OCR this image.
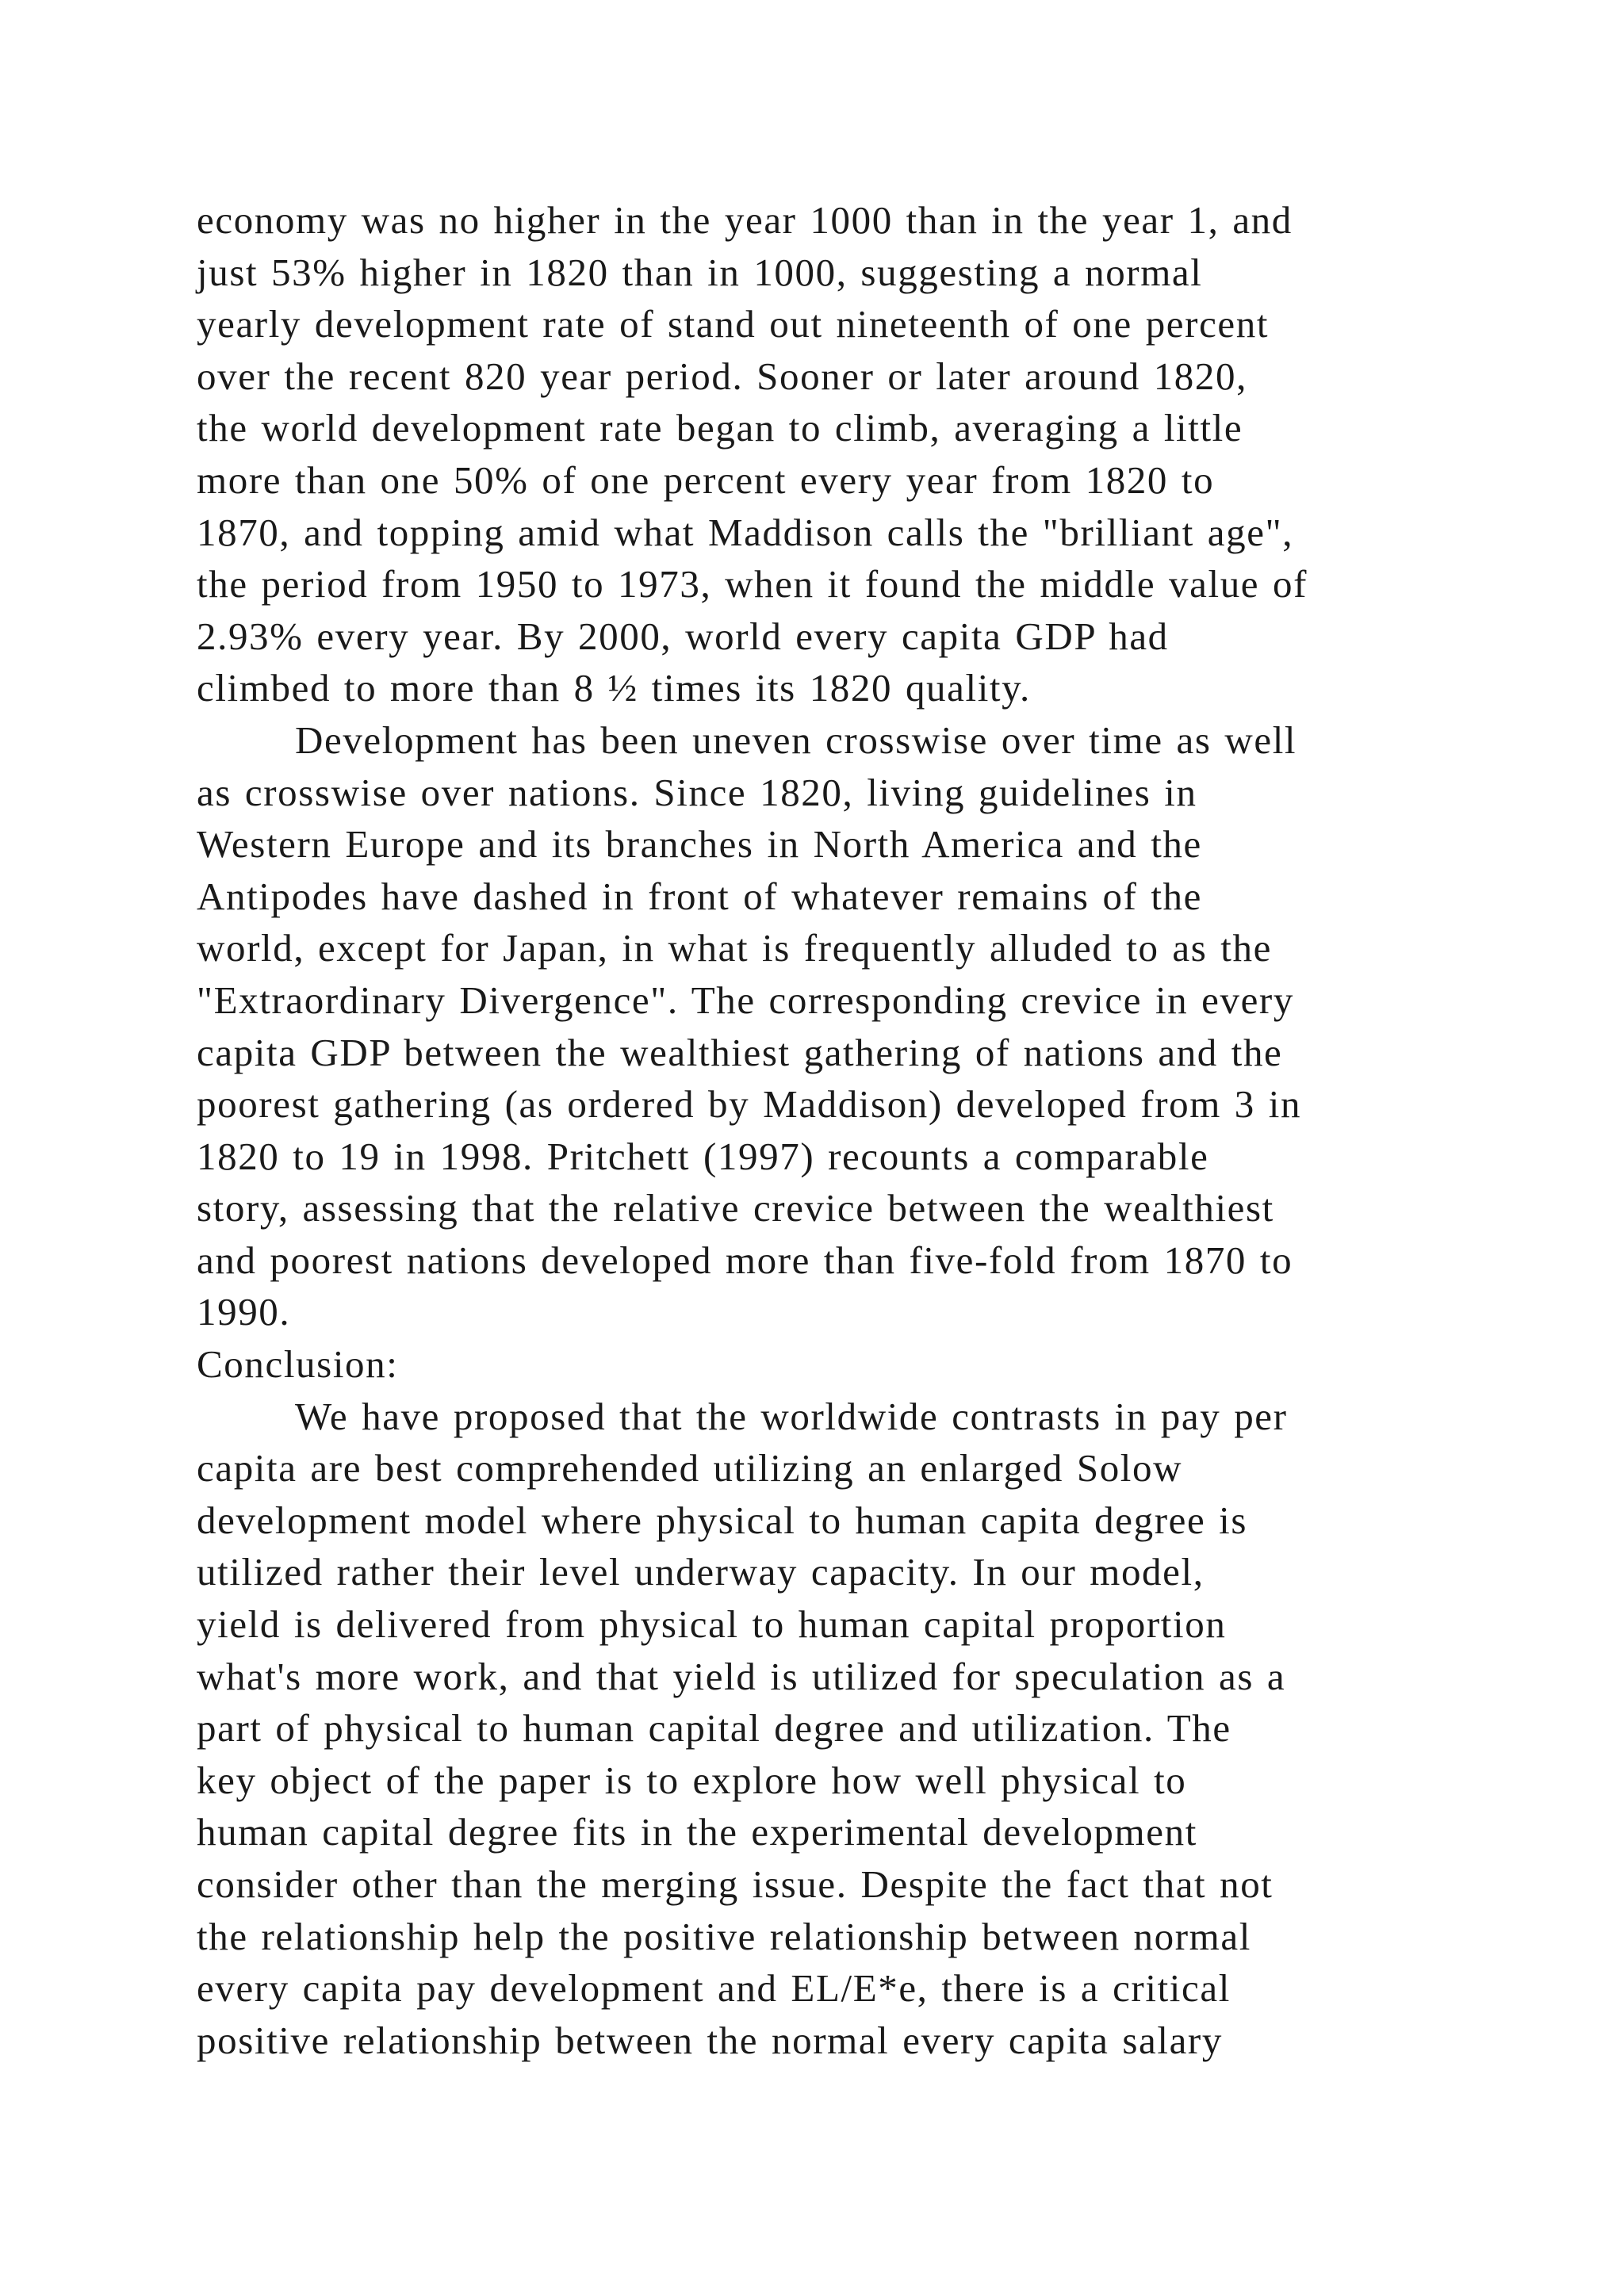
economy was no higher in the year 1000 than in the year 1, and
just 53% higher in 1820 than in 1000, suggesting a normal
yearly development rate of stand out nineteenth of one percent
over the recent 820 year period. Sooner or later around 1820,
the world development rate began to climb, averaging a little
more than one 50% of one percent every year from 1820 to
1870, and topping amid what Maddison calls the "brilliant age",
the period from 1950 to 1973, when it found the middle value of
2.93% every year. By 2000, world every capita GDP had
climbed to more than 8 ½ times its 1820 quality.
Development has been uneven crosswise over time as well
as crosswise over nations. Since 1820, living guidelines in
Western Europe and its branches in North America and the
Antipodes have dashed in front of whatever remains of the
world, except for Japan, in what is frequently alluded to as the
"Extraordinary Divergence". The corresponding crevice in every
capita GDP between the wealthiest gathering of nations and the
poorest gathering (as ordered by Maddison) developed from 3 in
1820 to 19 in 1998. Pritchett (1997) recounts a comparable
story, assessing that the relative crevice between the wealthiest
and poorest nations developed more than five-fold from 1870 to
1990.
Conclusion:
We have proposed that the worldwide contrasts in pay per
capita are best comprehended utilizing an enlarged Solow
development model where physical to human capita degree is
utilized rather their level underway capacity. In our model,
yield is delivered from physical to human capital proportion
what's more work, and that yield is utilized for speculation as a
part of physical to human capital degree and utilization. The
key object of the paper is to explore how well physical to
human capital degree fits in the experimental development
consider other than the merging issue. Despite the fact that not
the relationship help the positive relationship between normal
every capita pay development and EL/E*e, there is a critical
positive relationship between the normal every capita salary
